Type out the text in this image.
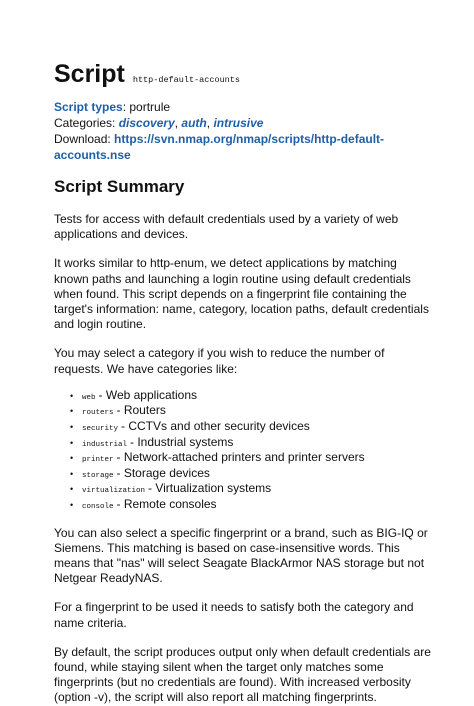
Script http-default-accounts

Script types: portrule

Categories: discovery, auth, intrusive

Download: https://svn.nmap.org/nmap/scripts/http-default-accounts.nse

Script Summary

Tests for access with default credentials used by a variety of web applications and devices.

It works similar to http-enum, we detect applications by matching known paths and launching a login routine using default credentials when found. This script depends on a fingerprint file containing the target's information: name, category, location paths, default credentials and login routine.

You may select a category if you wish to reduce the number of requests. We have categories like:

•	web - Web applications
•	routers - Routers
•	security - CCTVs and other security devices
•	industrial - Industrial systems
•	printer - Network-attached printers and printer servers
•	storage - Storage devices
•	virtualization - Virtualization systems
•	console - Remote consoles

You can also select a specific fingerprint or a brand, such as BIG-IQ or Siemens. This matching is based on case-insensitive words. This means that "nas" will select Seagate BlackArmor NAS storage but not Netgear ReadyNAS.

For a fingerprint to be used it needs to satisfy both the category and name criteria.

By default, the script produces output only when default credentials are found, while staying silent when the target only matches some fingerprints (but no credentials are found). With increased verbosity (option -v), the script will also report all matching fingerprints.
